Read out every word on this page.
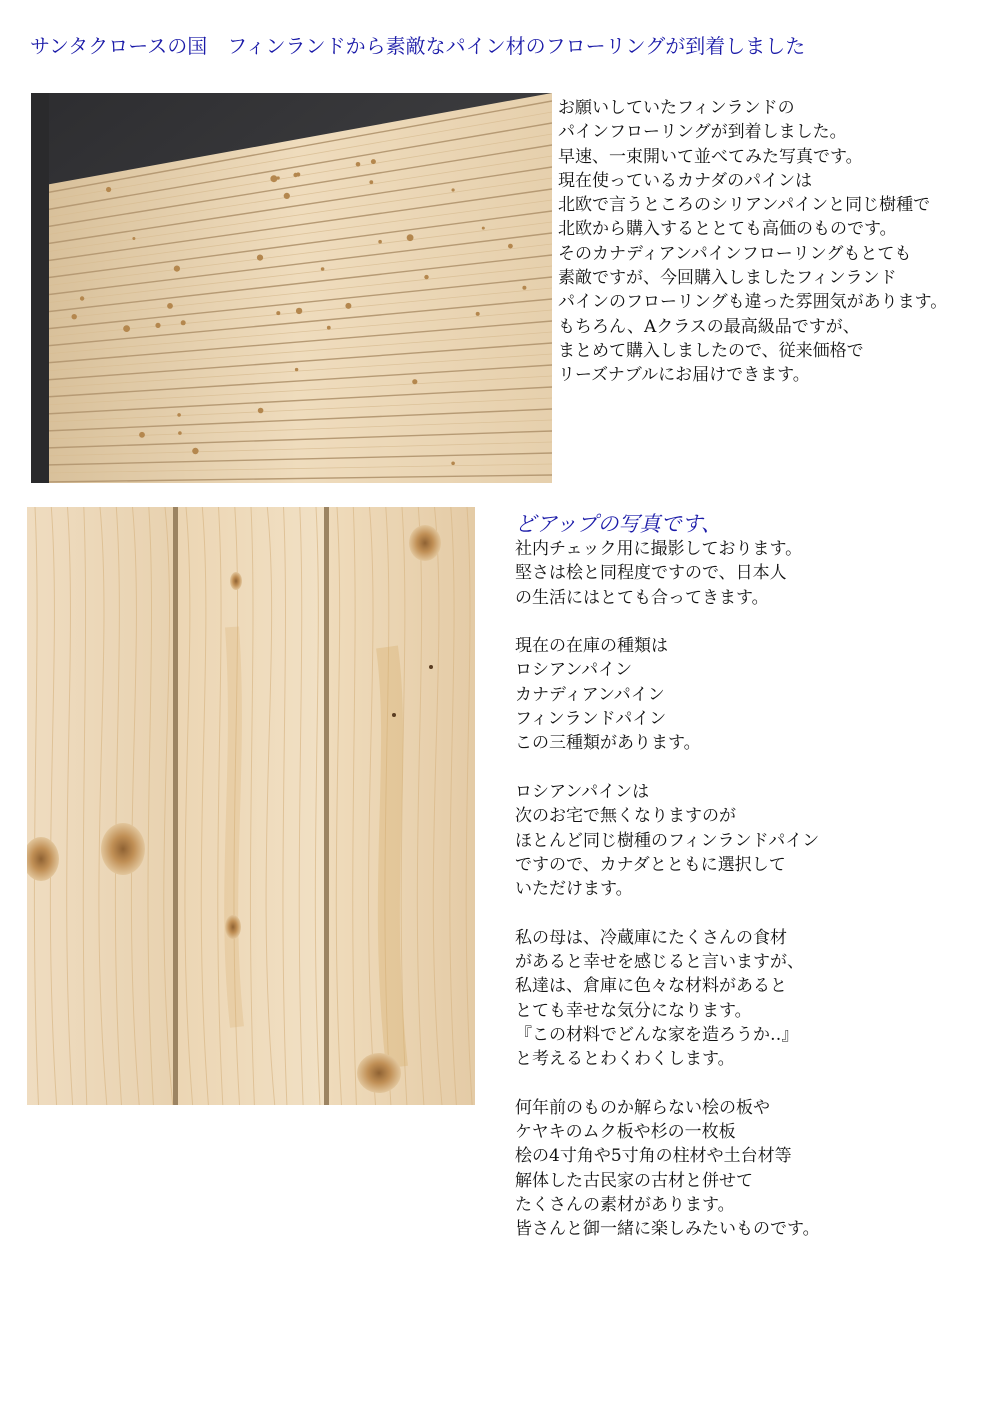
サンタクロースの国　フィンランドから素敵なパイン材のフローリングが到着しました
お願いしていたフィンランドの
パインフローリングが到着しました。
早速、一束開いて並べてみた写真です。
現在使っているカナダのパインは
北欧で言うところのシリアンパインと同じ樹種で
北欧から購入するととても高価のものです。
そのカナディアンパインフローリングもとても
素敵ですが、今回購入しましたフィンランド
パインのフローリングも違った雰囲気があります。
もちろん、Aクラスの最高級品ですが、
まとめて購入しましたので、従来価格で
リーズナブルにお届けできます。
どアップの写真です、
社内チェック用に撮影しております。
堅さは桧と同程度ですので、日本人
の生活にはとても合ってきます。
現在の在庫の種類は
ロシアンパイン
カナディアンパイン
フィンランドパイン
この三種類があります。
ロシアンパインは
次のお宅で無くなりますのが
ほとんど同じ樹種のフィンランドパイン
ですので、カナダとともに選択して
いただけます。
私の母は、冷蔵庫にたくさんの食材
があると幸せを感じると言いますが、
私達は、倉庫に色々な材料があると
とても幸せな気分になります。
『この材料でどんな家を造ろうか‥』
と考えるとわくわくします。
何年前のものか解らない桧の板や
ケヤキのムク板や杉の一枚板
桧の4寸角や5寸角の柱材や土台材等
解体した古民家の古材と併せて
たくさんの素材があります。
皆さんと御一緒に楽しみたいものです。
